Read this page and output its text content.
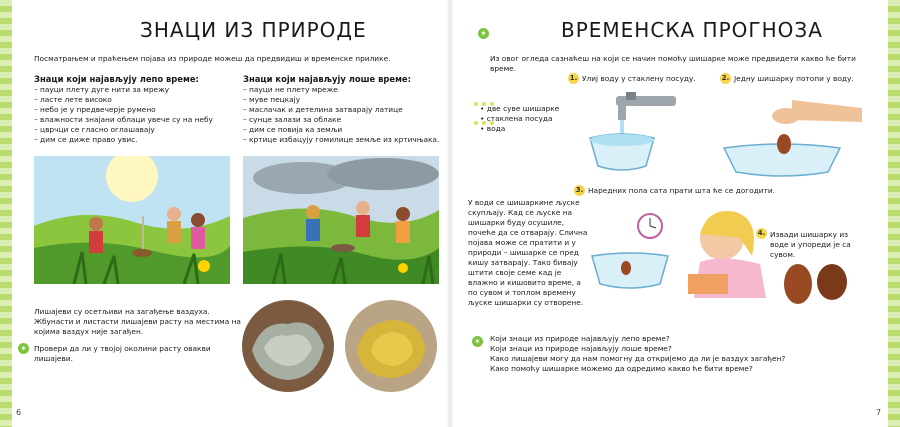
ЗНАЦИ ИЗ ПРИРОДЕ
Посматрањем и праћењем појава из природе можеш да предвидиш и временске прилике.
Знаци који најављују лепо време:
– пауци плету дуге нити за мрежу
– ласте лете високо
– небо је у предвечерје румено
– влажности знајани облаци увече су на небу
– цврчци се гласно оглашавају
– дим се диже право увис.
Знаци који најављују лоше време:
– пауци не плету мреже
– муве пецкају
– маслачак и детелина затварају латице
– сунце залази за облаке
– дим се повија ка земљи
– кртице избацују гомилице земље из кртичњака.
Лишајеви су осетљиви на загађење ваздуха. Жбунасти и листасти лишајеви расту на местима на којима ваздух није загађен.
✶ Провери да ли у твојој околини расту овакви лишајеви.
6
✶	ВРЕМЕНСКА ПРОГНОЗА
Из овог огледа сазнаћеш на који се начин помоћу шишарке може предвидети какво ће бити време.
• две суве шишарке
• стаклена посуда
• вода
1. Улиј воду у стаклену посуду.	2. Једну шишарку потопи у воду.
3. Наредних пола сата прати шта ће се догодити.
4. Извади шишарку из воде и упореди је са сувом.
У води се шишаркине љуске скупљају. Кад се љуске на шишарки буду осушиле, почеће да се отварају. Слична појава може се пратити и у природи – шишарке се пред кишу затварају. Тако бивају штити своје семе кад је влажно и кишовито време, а по сувом и топлом времену љуске шишарки су отворене.
✶ Који знаци из природе најављују лепо време?
Који знаци из природе најављују лоше време?
Како лишајеви могу да нам помогну да откријемо да ли је ваздух загађен?
Како помоћу шишарке можемо да одредимо какво ће бити време?
7
